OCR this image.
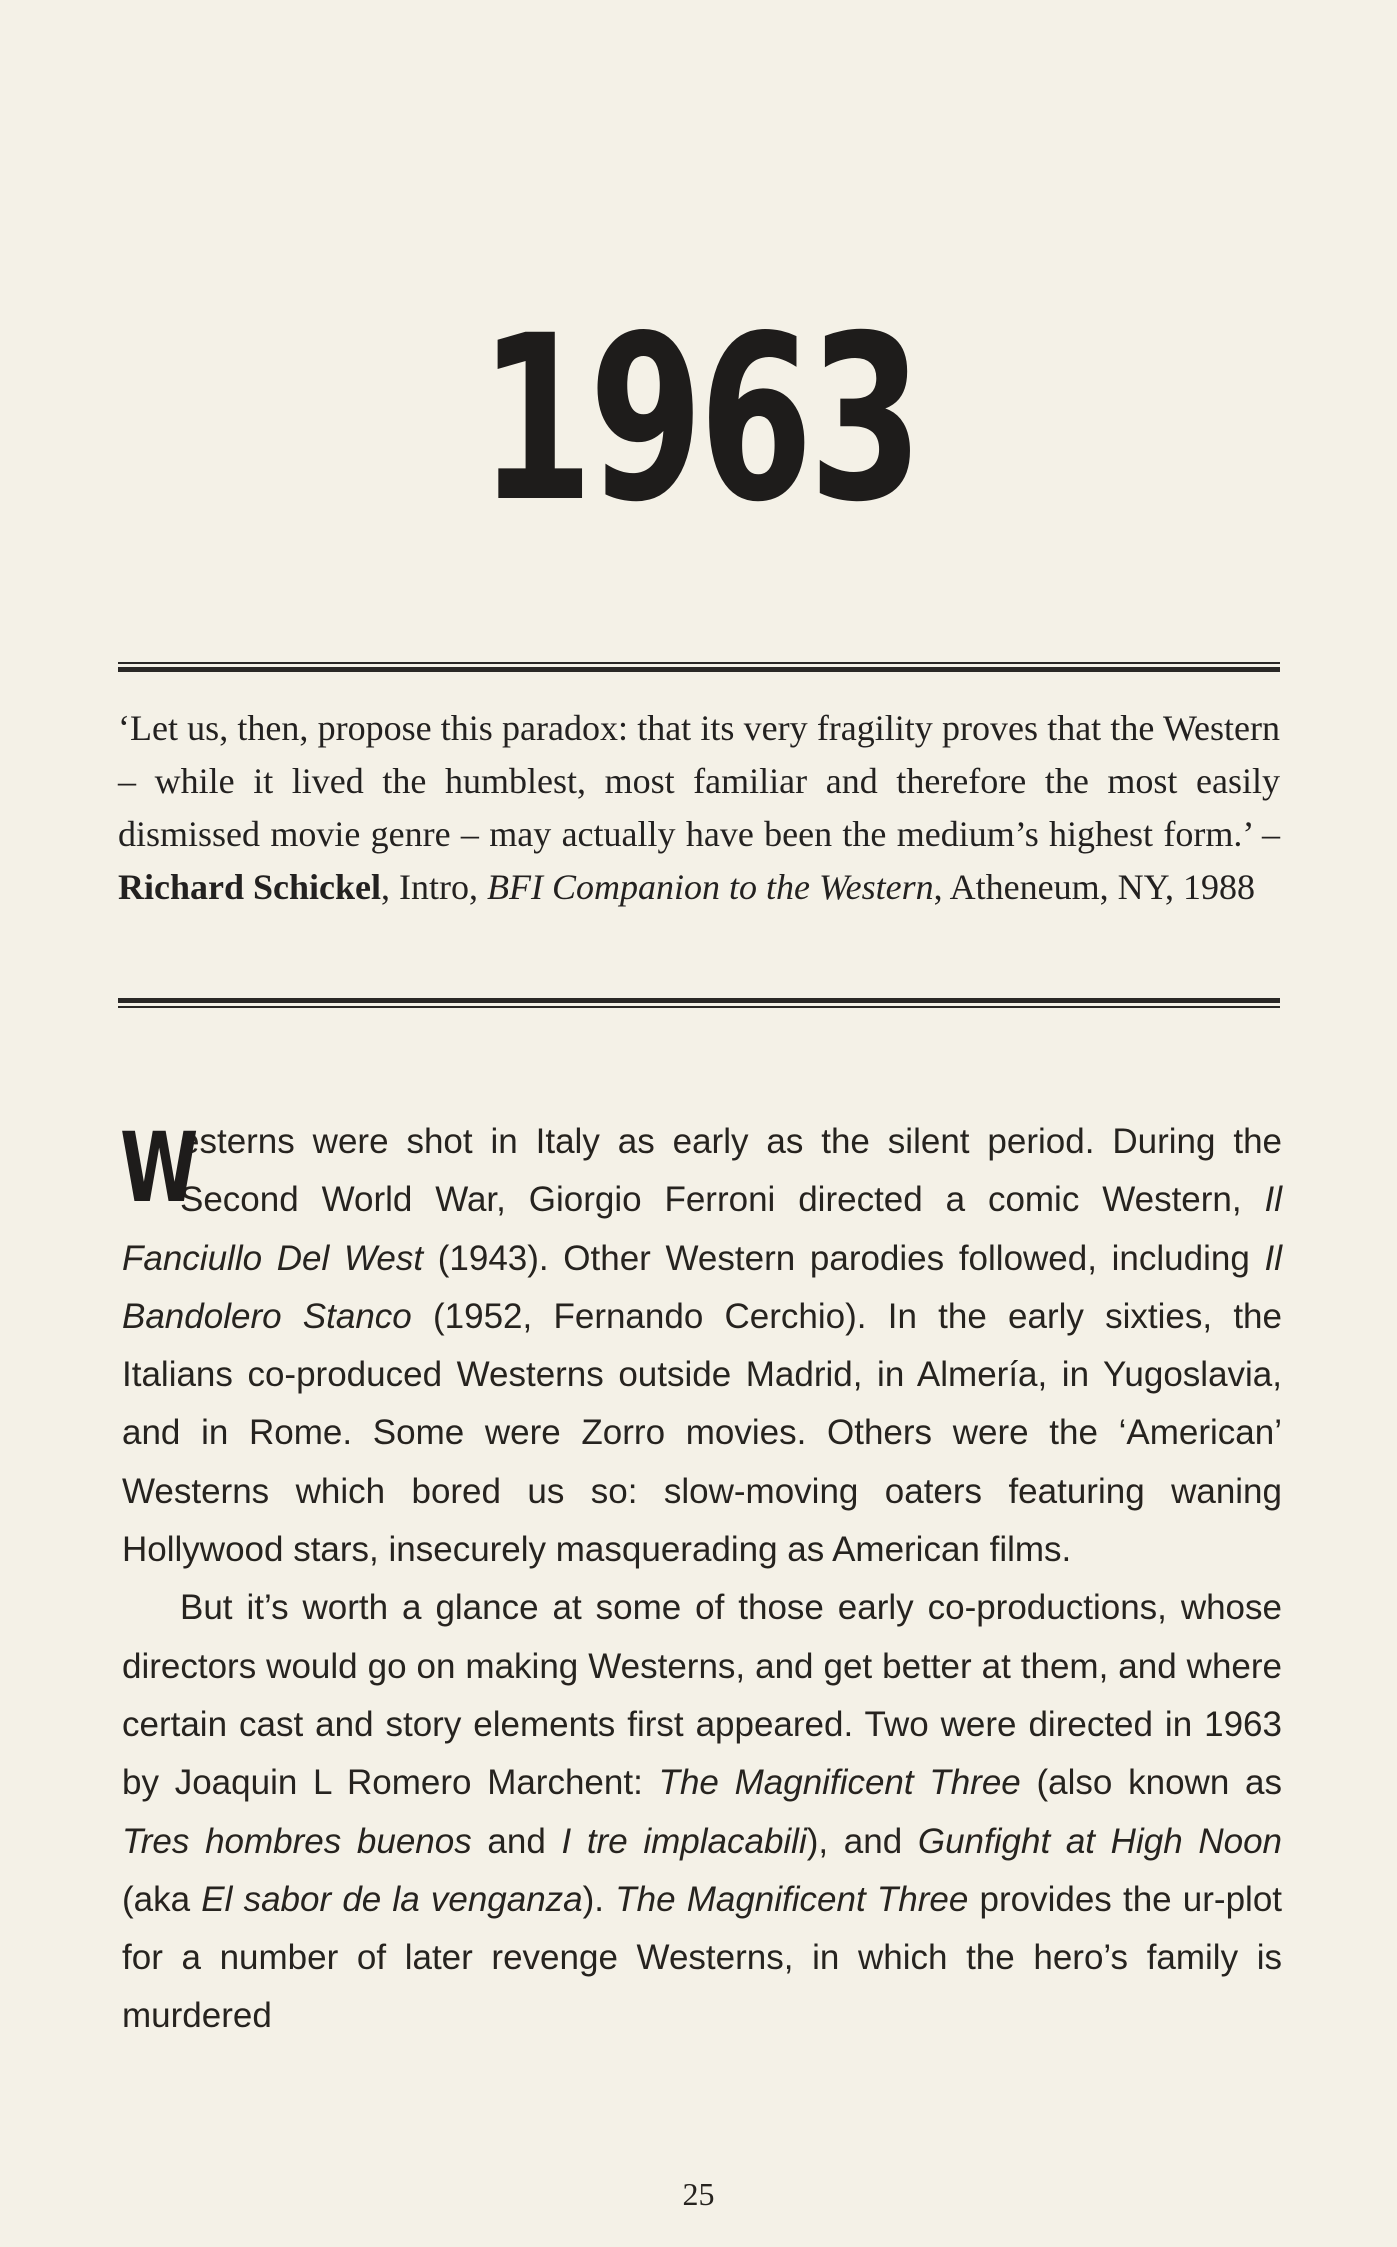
1963
‘Let us, then, propose this paradox: that its very fragility proves that the Western – while it lived the humblest, most familiar and therefore the most easily dismissed movie genre – may actually have been the medium’s highest form.’ – Richard Schickel, Intro, BFI Companion to the Western, Atheneum, NY, 1988

W
esterns were shot in Italy as early as the silent period. During the Second World War, Giorgio Ferroni directed a comic Western, Il Fanciullo Del West (1943). Other Western parodies followed, including Il Bandolero Stanco (1952, Fernando Cerchio). In the early sixties, the Italians co-produced Westerns outside Madrid, in Almería, in Yugoslavia, and in Rome. Some were Zorro movies. Others were the ‘American’ Westerns which bored us so: slow-moving oaters featuring waning Hollywood stars, insecurely masquerading as American films.

But it’s worth a glance at some of those early co-productions, whose directors would go on making Westerns, and get better at them, and where certain cast and story elements first appeared. Two were directed in 1963 by Joaquin L Romero Marchent: The Magnificent Three (also known as Tres hombres buenos and I tre implacabili), and Gunfight at High Noon (aka El sabor de la venganza). The Magnificent Three provides the ur-plot for a number of later revenge Westerns, in which the hero’s family is murdered

25
